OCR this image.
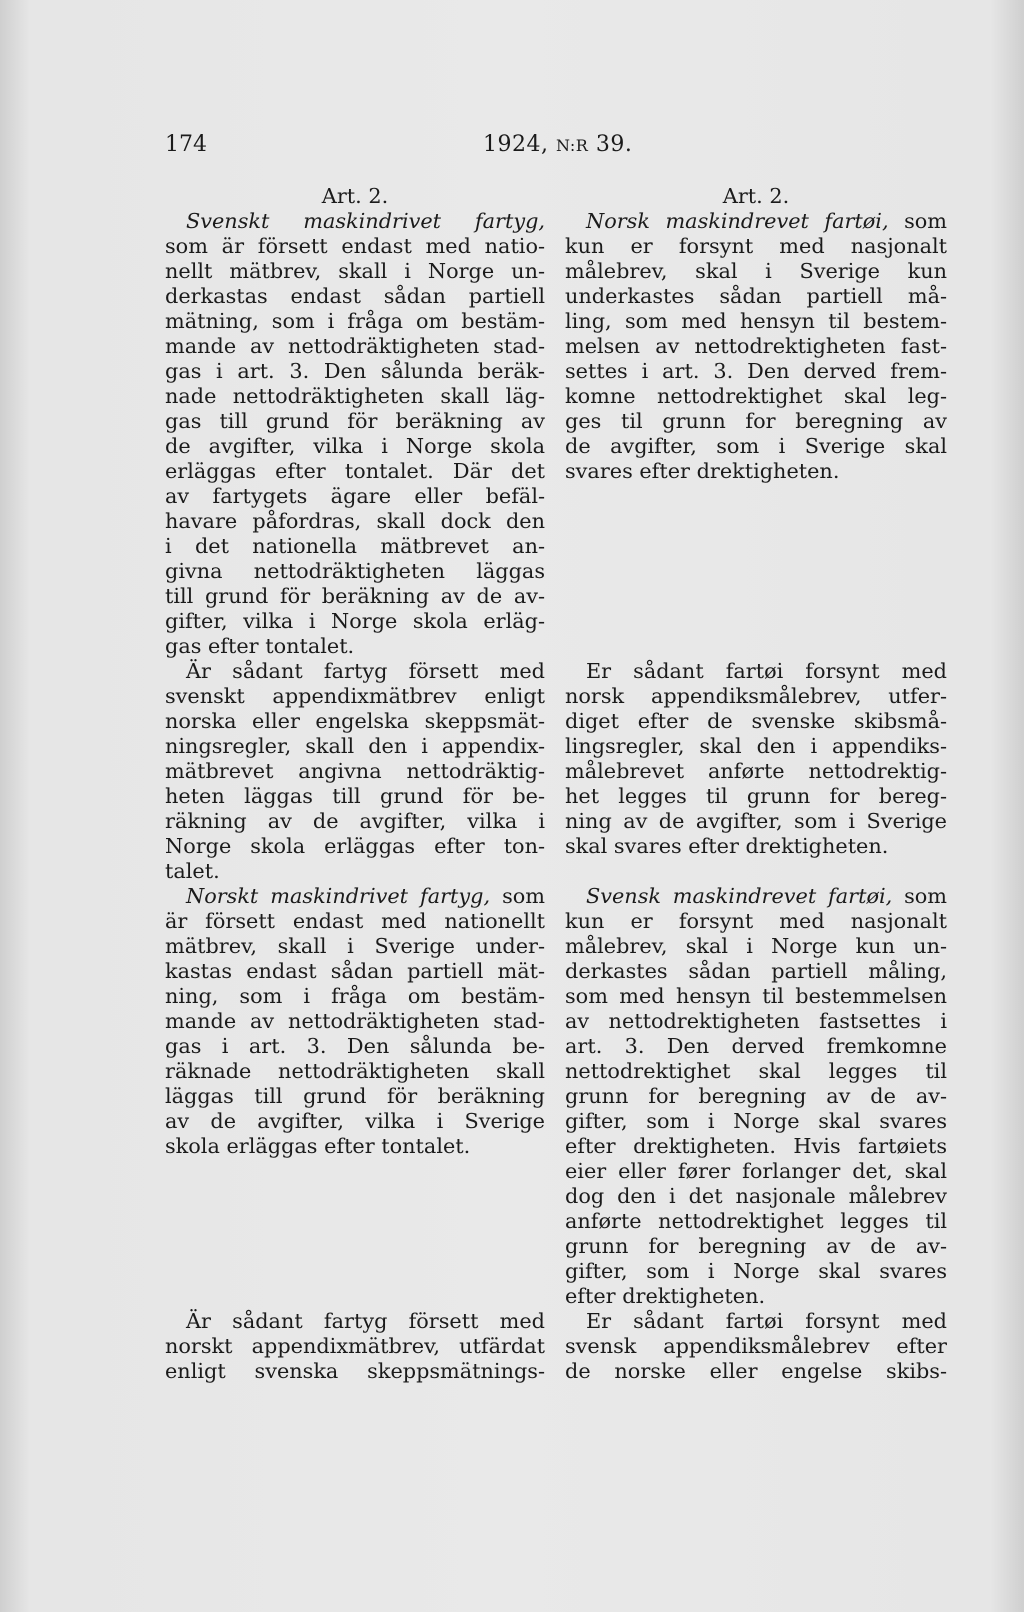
174	1924, N:R 39.
Art. 2.
Svenskt maskindrivet fartyg,
som är försett endast med natio-
nellt mätbrev, skall i Norge un-
derkastas endast sådan partiell
mätning, som i fråga om bestäm-
mande av nettodräktigheten stad-
gas i art. 3. Den sålunda beräk-
nade nettodräktigheten skall läg-
gas till grund för beräkning av
de avgifter, vilka i Norge skola
erläggas efter tontalet. Där det
av fartygets ägare eller befäl-
havare påfordras, skall dock den
i det nationella mätbrevet an-
givna nettodräktigheten läggas
till grund för beräkning av de av-
gifter, vilka i Norge skola erläg-
gas efter tontalet.
Är sådant fartyg försett med
svenskt appendixmätbrev enligt
norska eller engelska skeppsmät-
ningsregler, skall den i appendix-
mätbrevet angivna nettodräktig-
heten läggas till grund för be-
räkning av de avgifter, vilka i
Norge skola erläggas efter ton-
talet.
Norskt maskindrivet fartyg, som
är försett endast med nationellt
mätbrev, skall i Sverige under-
kastas endast sådan partiell mät-
ning, som i fråga om bestäm-
mande av nettodräktigheten stad-
gas i art. 3. Den sålunda be-
räknade nettodräktigheten skall
läggas till grund för beräkning
av de avgifter, vilka i Sverige
skola erläggas efter tontalet.
Är sådant fartyg försett med
norskt appendixmätbrev, utfärdat
enligt svenska skeppsmätnings-
Art. 2.
Norsk maskindrevet fartøi, som
kun er forsynt med nasjonalt
målebrev, skal i Sverige kun
underkastes sådan partiell må-
ling, som med hensyn til bestem-
melsen av nettodrektigheten fast-
settes i art. 3. Den derved frem-
komne nettodrektighet skal leg-
ges til grunn for beregning av
de avgifter, som i Sverige skal
svares efter drektigheten.
Er sådant fartøi forsynt med
norsk appendiksmålebrev, utfer-
diget efter de svenske skibsmå-
lingsregler, skal den i appendiks-
målebrevet anførte nettodrektig-
het legges til grunn for bereg-
ning av de avgifter, som i Sverige
skal svares efter drektigheten.
Svensk maskindrevet fartøi, som
kun er forsynt med nasjonalt
målebrev, skal i Norge kun un-
derkastes sådan partiell måling,
som med hensyn til bestemmelsen
av nettodrektigheten fastsettes i
art. 3. Den derved fremkomne
nettodrektighet skal legges til
grunn for beregning av de av-
gifter, som i Norge skal svares
efter drektigheten. Hvis fartøiets
eier eller fører forlanger det, skal
dog den i det nasjonale målebrev
anførte nettodrektighet legges til
grunn for beregning av de av-
gifter, som i Norge skal svares
efter drektigheten.
Er sådant fartøi forsynt med
svensk appendiksmålebrev efter
de norske eller engelse skibs-
